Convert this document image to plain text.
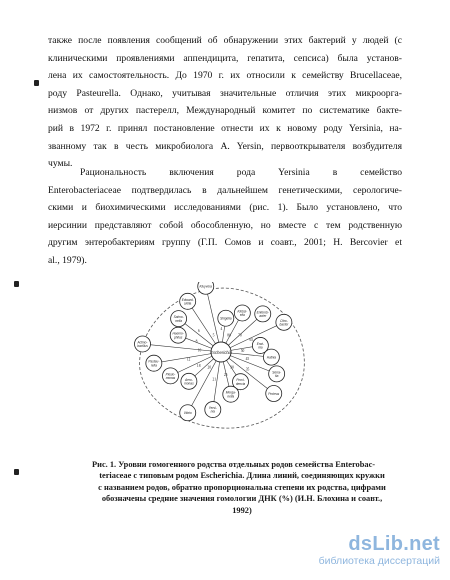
также после появления сообщений об обнаружении этих бактерий у людей (с
клиническими проявлениями аппендицита, гепатита, сепсиса) была установ-
лена их самостоятельность. До 1970 г. их относили к семейству Brucellaceae,
роду Pasteurella. Однако, учитывая значительные отличия этих микроорга-
низмов от других пастерелл, Международный комитет по систематике бакте-
рий в 1972 г. принял постановление отнести их к новому роду Yersinia, на-
званному так в честь микробиолога A. Yersin, первооткрывателя возбудителя
чумы.
Рациональность включения рода Yersinia в семейство
Enterobacteriaceae подтвердилась в дальнейшем генетическими, серологиче-
скими и биохимическими исследованиями (рис. 1). Было установлено, что
иерсинии представляют собой обособленную, но вместе с тем родственную
другим энтеробактериям группу (Г.П. Сомов и соавт., 2001; H. Bercovier et
al., 1979).
Shigella
Klebsi-
ella
Enterob-
acter
Citro-
bacter
Erwi-
nia
Hafnia
Serra-
tia
Proteus
Provi-
dencia
Morga-
nella
Yersi-
nia
Vibrio
Aero-
monas
Plesio-
monas
Pasteu-
rella
Actino-
bacillus
Haemo-
philus
Salmo-
nella
Edward-
siella
Kluyvera
80 70
65
50
45
35
30
25
21
20
18
12
10
8
6
5
4
Escherichia
Рис. 1. Уровни гомогенного родства отдельных родов семейства Enterobac-
teriaceae с типовым родом Escherichia. Длина линий, соединяющих кружки
с названием родов, обратно пропорциональна степени их родства, цифрами
обозначены средние значения гомологии ДНК (%) (И.Н. Блохина и соавт.,
1992)
dsLib.net
библиотека диссертаций
